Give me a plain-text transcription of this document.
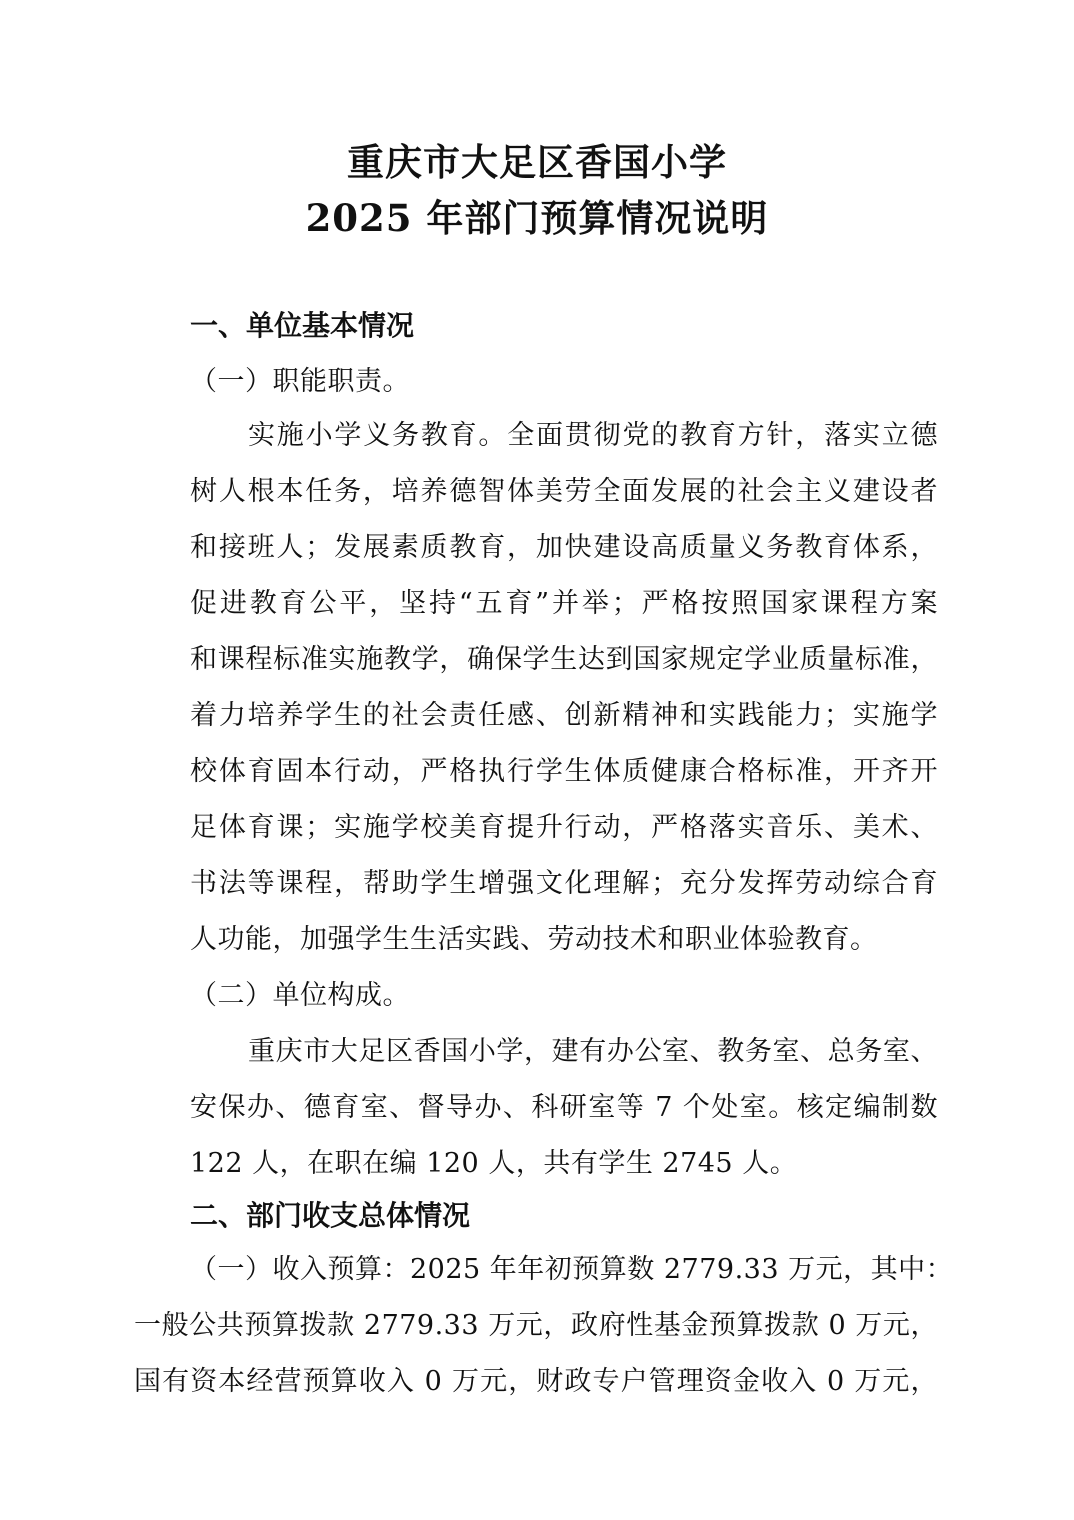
重庆市大足区香国小学
2025 年部门预算情况说明
一、单位基本情况
（一）职能职责。
实施小学义务教育。全面贯彻党的教育方针，落实立德
树人根本任务，培养德智体美劳全面发展的社会主义建设者
和接班人；发展素质教育，加快建设高质量义务教育体系，
促进教育公平，坚持“五育”并举；严格按照国家课程方案
和课程标准实施教学，确保学生达到国家规定学业质量标准，
着力培养学生的社会责任感、创新精神和实践能力；实施学
校体育固本行动，严格执行学生体质健康合格标准，开齐开
足体育课；实施学校美育提升行动，严格落实音乐、美术、
书法等课程，帮助学生增强文化理解；充分发挥劳动综合育
人功能，加强学生生活实践、劳动技术和职业体验教育。
（二）单位构成。
重庆市大足区香国小学，建有办公室、教务室、总务室、
安保办、德育室、督导办、科研室等 7 个处室。核定编制数
122 人，在职在编 120 人，共有学生 2745 人。
二、部门收支总体情况
（一）收入预算：2025 年年初预算数 2779.33 万元，其中：
一般公共预算拨款 2779.33 万元，政府性基金预算拨款 0 万元，
国有资本经营预算收入 0 万元，财政专户管理资金收入 0 万元，
